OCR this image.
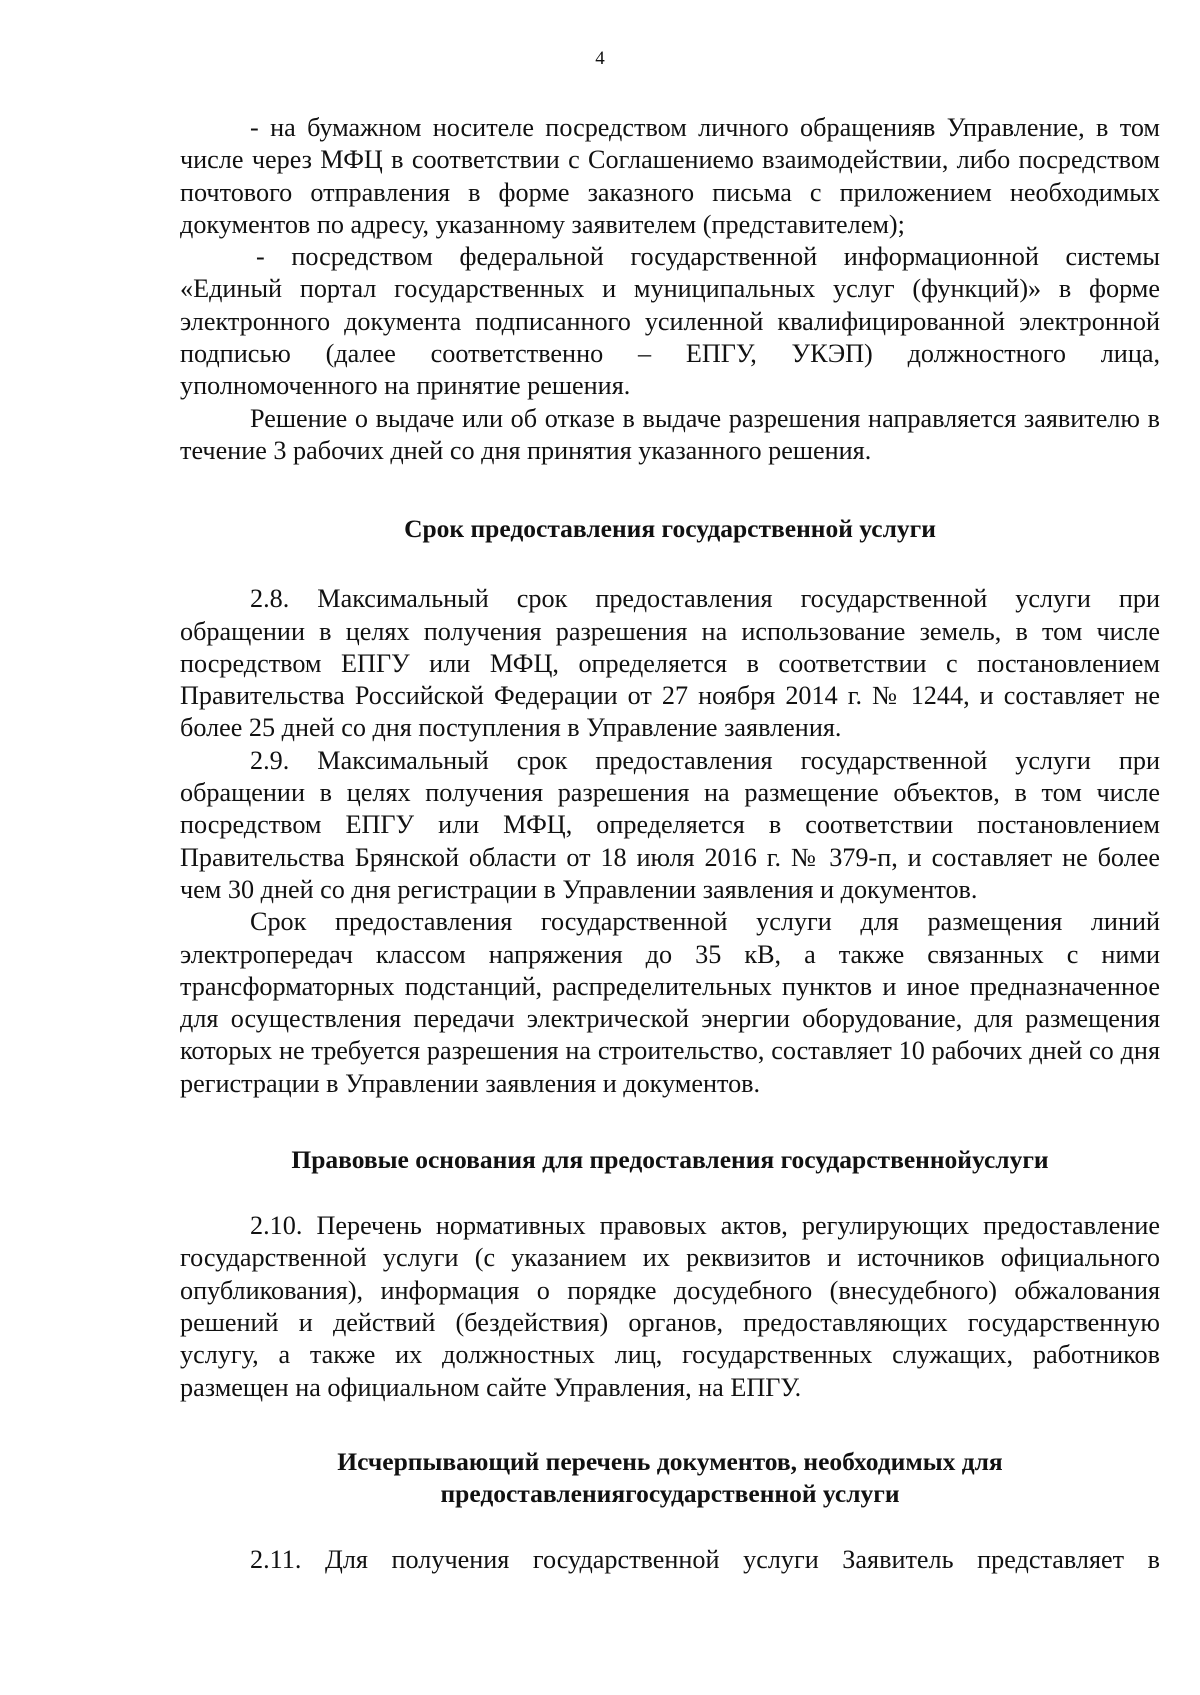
4

- на бумажном носителе посредством личного обращенияв Управление, в том числе через МФЦ в соответствии с Соглашениемо взаимодействии, либо посредством почтового отправления в форме заказного письма с приложением необходимых документов по адресу, указанному заявителем (представителем);

- посредством федеральной государственной информационной системы «Единый портал государственных и муниципальных услуг (функций)» в форме электронного документа подписанного усиленной квалифицированной электронной подписью (далее соответственно – ЕПГУ, УКЭП) должностного лица, уполномоченного на принятие решения.

Решение о выдаче или об отказе в выдаче разрешения направляется заявителю в течение 3 рабочих дней со дня принятия указанного решения.

Срок предоставления государственной услуги

2.8. Максимальный срок предоставления государственной услуги при обращении в целях получения разрешения на использование земель, в том числе посредством ЕПГУ или МФЦ, определяется в соответствии с постановлением Правительства Российской Федерации от 27 ноября 2014 г. № 1244, и составляет не более 25 дней со дня поступления в Управление заявления.

2.9. Максимальный срок предоставления государственной услуги при обращении в целях получения разрешения на размещение объектов, в том числе посредством ЕПГУ или МФЦ, определяется в соответствии постановлением Правительства Брянской области от 18 июля 2016 г. № 379-п, и составляет не более чем 30 дней со дня регистрации в Управлении заявления и документов.

Срок предоставления государственной услуги для размещения линий электропередач классом напряжения до 35 кВ, а также связанных с ними трансформаторных подстанций, распределительных пунктов и иное предназначенное для осуществления передачи электрической энергии оборудование, для размещения которых не требуется разрешения на строительство, составляет 10 рабочих дней со дня регистрации в Управлении заявления и документов.

Правовые основания для предоставления государственнойуслуги

2.10. Перечень нормативных правовых актов, регулирующих предоставление государственной услуги (с указанием их реквизитов и источников официального опубликования), информация о порядке досудебного (внесудебного) обжалования решений и действий (бездействия) органов, предоставляющих государственную услугу, а также их должностных лиц, государственных служащих, работников размещен на официальном сайте Управления, на ЕПГУ.

Исчерпывающий перечень документов, необходимых для
предоставлениягосударственной услуги

2.11. Для получения государственной услуги Заявитель представляет в
